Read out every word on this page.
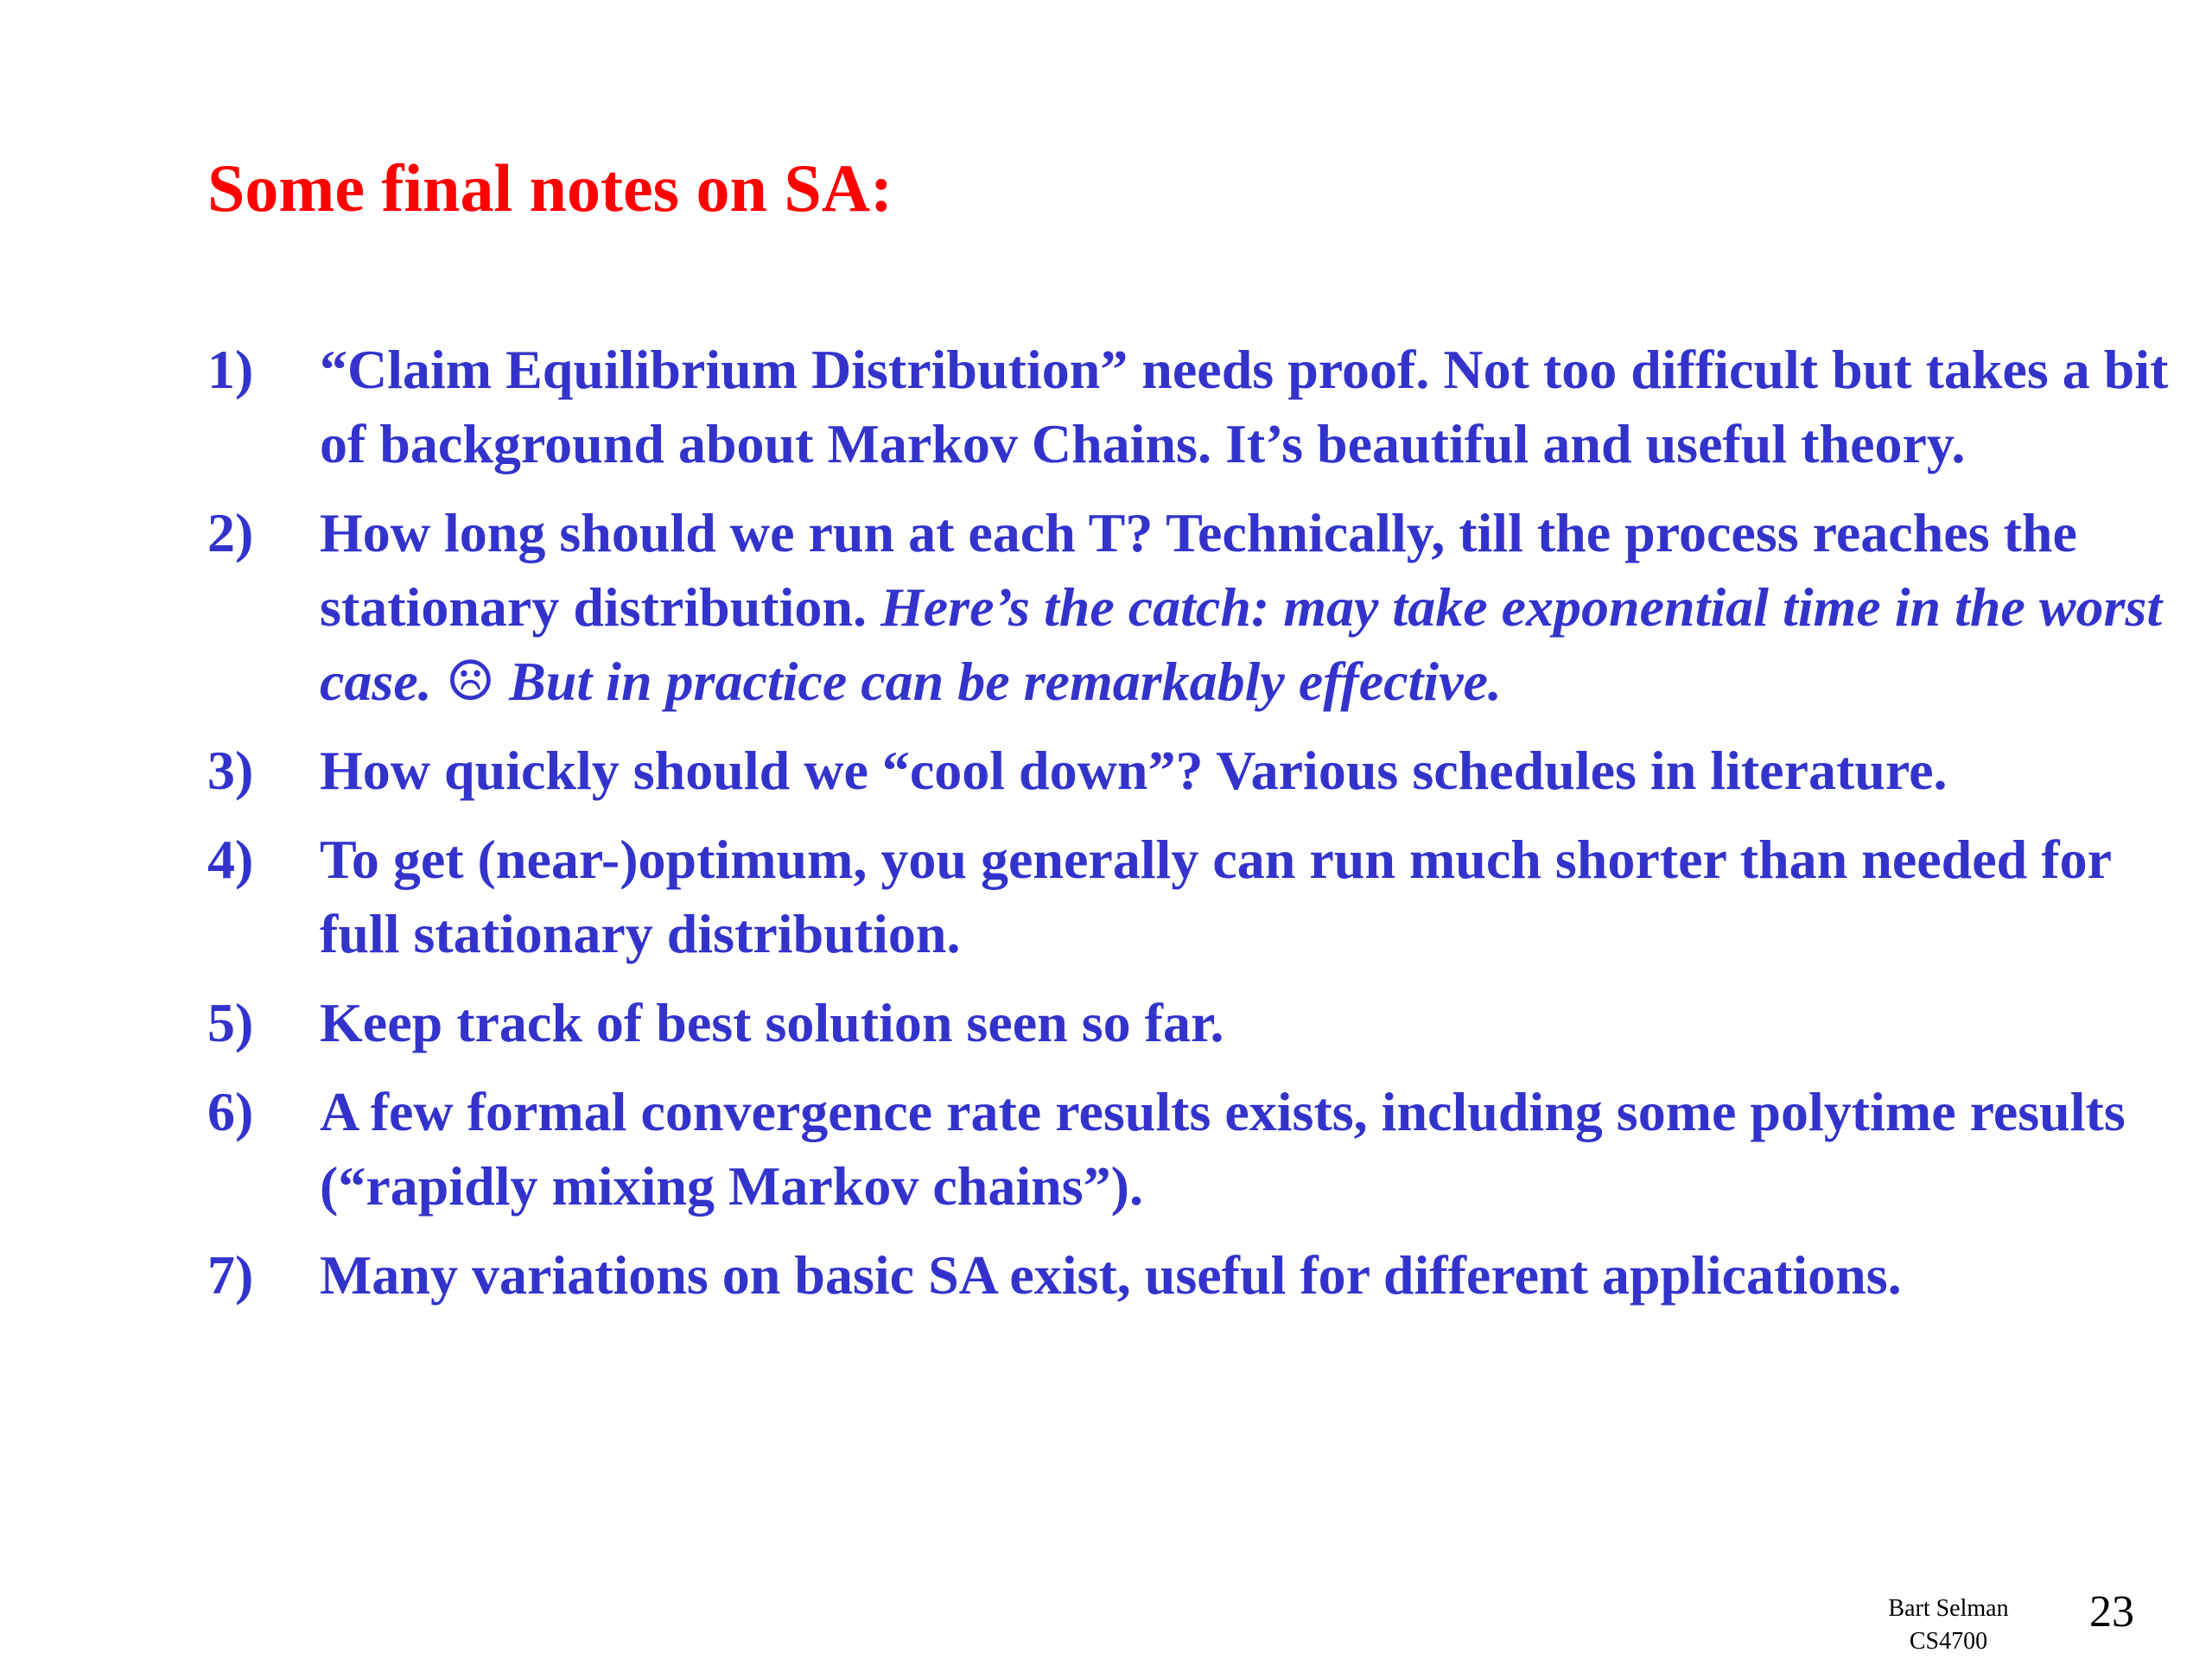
Some final notes on SA:
1) “Claim Equilibrium Distribution” needs proof. Not too difficult but takes a bit of background about Markov Chains. It’s beautiful and useful theory.
2) How long should we run at each T? Technically, till the process reaches the stationary distribution. Here’s the catch: may take exponential time in the worst case. ☹ But in practice can be remarkably effective.
3) How quickly should we “cool down”? Various schedules in literature.
4) To get (near-)optimum, you generally can run much shorter than needed for full stationary distribution.
5) Keep track of best solution seen so far.
6) A few formal convergence rate results exists, including some polytime results (“rapidly mixing Markov chains”).
7) Many variations on basic SA exist, useful for different applications.
Bart Selman
CS4700
23
